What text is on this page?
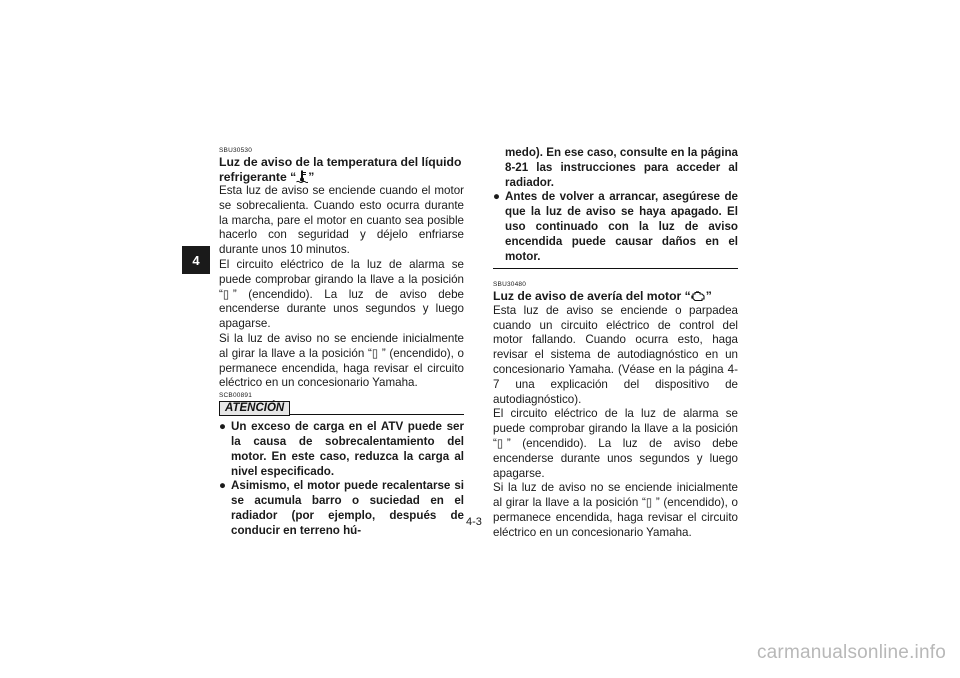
4
SBU30530
Luz de aviso de la temperatura del líquido
refrigerante “ ”

Esta luz de aviso se enciende cuando el motor se sobrecalienta. Cuando esto ocurra durante la marcha, pare el motor en cuanto sea posible hacerlo con seguridad y déjelo enfriarse durante unos 10 minutos.

El circuito eléctrico de la luz de alarma se puede comprobar girando la llave a la posición “▯ ” (encendido). La luz de aviso debe encenderse durante unos segundos y luego apagarse.

Si la luz de aviso no se enciende inicialmente al girar la llave a la posición “▯ ” (encendido), o permanece encendida, haga revisar el circuito eléctrico en un concesionario Yamaha.

SCB00891
ATENCIÓN
● Un exceso de carga en el ATV puede ser la causa de sobrecalentamiento del motor. En este caso, reduzca la carga al nivel especificado.
● Asimismo, el motor puede recalentarse si se acumula barro o suciedad en el radiador (por ejemplo, después de conducir en terreno hú-
medo). En ese caso, consulte en la página 8-21 las instrucciones para acceder al radiador.
● Antes de volver a arrancar, asegúrese de que la luz de aviso se haya apagado. El uso continuado con la luz de aviso encendida puede causar daños en el motor.
SBU30480
Luz de aviso de avería del motor “ ”

Esta luz de aviso se enciende o parpadea cuando un circuito eléctrico de control del motor fallando. Cuando ocurra esto, haga revisar el sistema de autodiagnóstico en un concesionario Yamaha. (Véase en la página 4-7 una explicación del dispositivo de autodiagnóstico).

El circuito eléctrico de la luz de alarma se puede comprobar girando la llave a la posición “▯ ” (encendido). La luz de aviso debe encenderse durante unos segundos y luego apagarse.

Si la luz de aviso no se enciende inicialmente al girar la llave a la posición “▯ ” (encendido), o permanece encendida, haga revisar el circuito eléctrico en un concesionario Yamaha.

4-3
carmanualsonline.info
